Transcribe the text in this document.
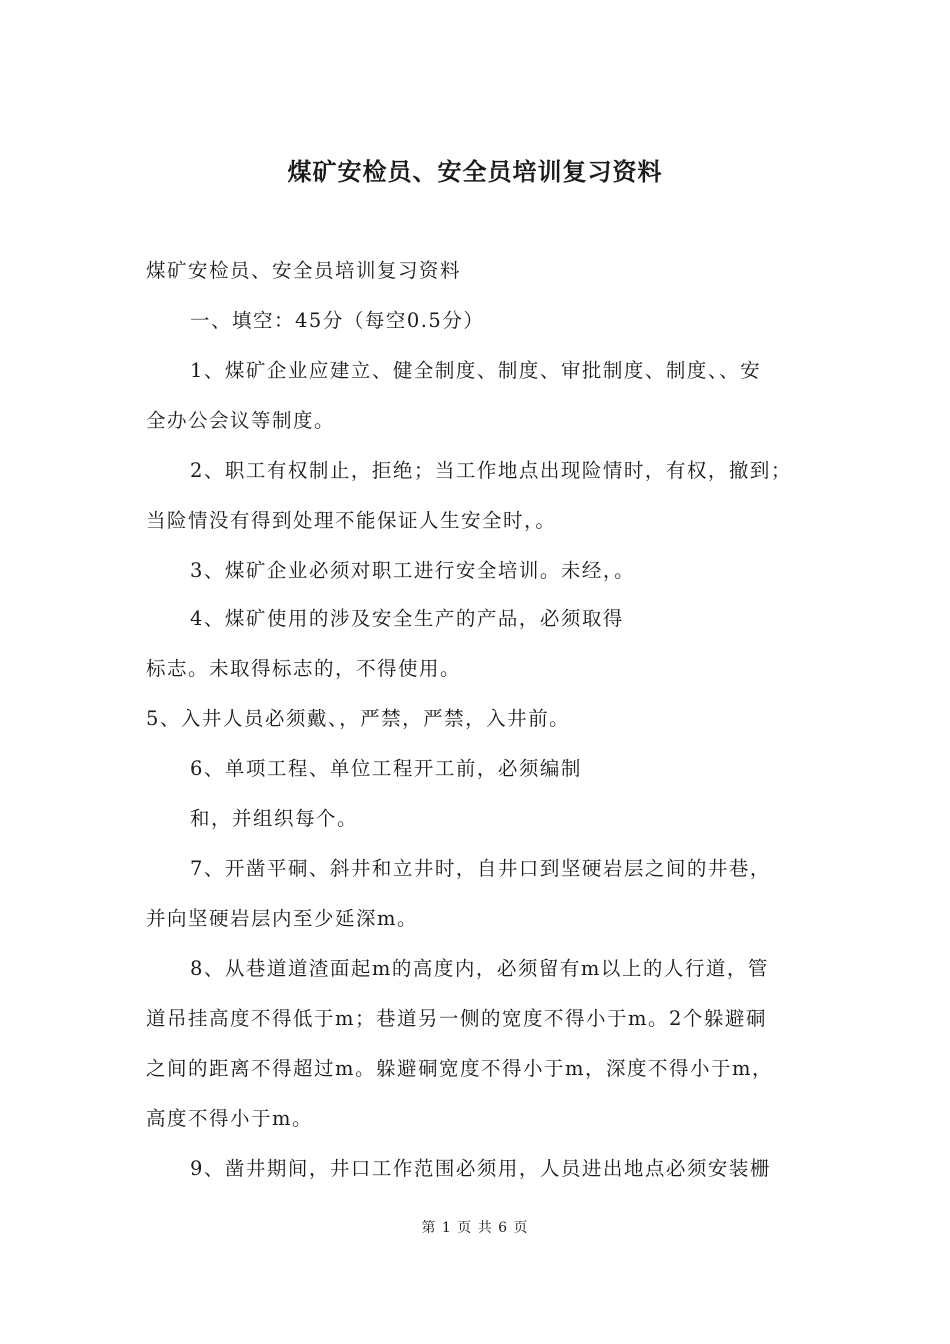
煤矿安检员、安全员培训复习资料
煤矿安检员、安全员培训复习资料
一、填空：45分（每空0.5分）
1、煤矿企业应建立、健全制度、制度、审批制度、制度、、安
全办公会议等制度。
2、职工有权制止，拒绝；当工作地点出现险情时，有权，撤到；
当险情没有得到处理不能保证人生安全时，。
3、煤矿企业必须对职工进行安全培训。未经，。
4、煤矿使用的涉及安全生产的产品，必须取得
标志。未取得标志的，不得使用。
5、入井人员必须戴、，严禁，严禁，入井前。
6、单项工程、单位工程开工前，必须编制
和，并组织每个。
7、开凿平硐、斜井和立井时，自井口到坚硬岩层之间的井巷，
并向坚硬岩层内至少延深m。
8、从巷道道渣面起m的高度内，必须留有m以上的人行道，管
道吊挂高度不得低于m；巷道另一侧的宽度不得小于m。2个躲避硐
之间的距离不得超过m。躲避硐宽度不得小于m，深度不得小于m，
高度不得小于m。
9、凿井期间，井口工作范围必须用，人员进出地点必须安装栅
第 1 页 共 6 页
